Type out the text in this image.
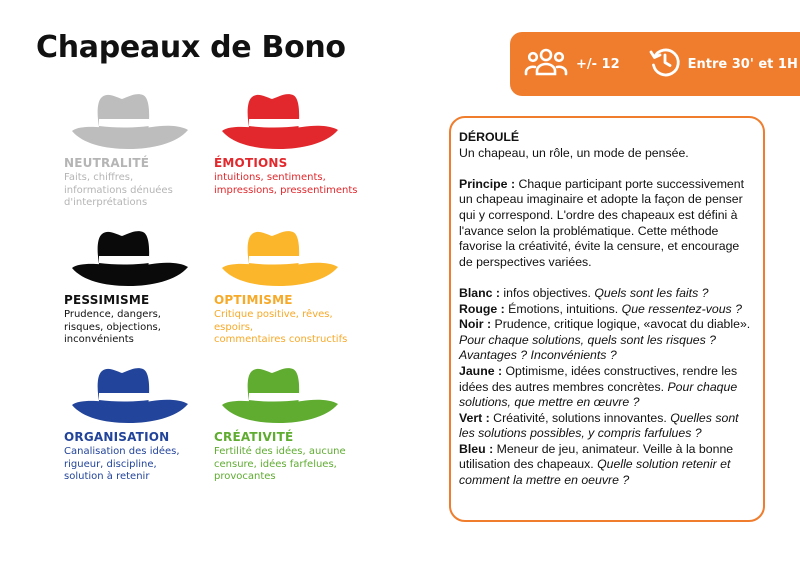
Chapeaux de Bono	+/- 12	Entre 30' et 1H
NEUTRALITÉ
Faits, chiffres,
informations dénuées
d'interprétations
ÉMOTIONS
intuitions, sentiments,
impressions, pressentiments
PESSIMISME
Prudence, dangers,
risques, objections,
inconvénients
OPTIMISME
Critique positive, rêves, espoirs,
commentaires constructifs
ORGANISATION
Canalisation des idées,
rigueur, discipline,
solution à retenir
CRÉATIVITÉ
Fertilité des idées, aucune
censure, idées farfelues,
provocantes

DÉROULÉ

Un chapeau, un rôle, un mode de pensée.

Principe : Chaque participant porte successivement un chapeau imaginaire et adopte la façon de penser qui y correspond. L'ordre des chapeaux est défini à l'avance selon la problématique. Cette méthode favorise la créativité, évite la censure, et encourage de perspectives variées.

Blanc : infos objectives. Quels sont les faits ?

Rouge : Émotions, intuitions. Que ressentez-vous ?

Noir : Prudence, critique logique, «avocat du diable». Pour chaque solutions, quels sont les risques ? Avantages ? Inconvénients ?

Jaune : Optimisme, idées constructives, rendre les idées des autres membres concrètes. Pour chaque solutions, que mettre en œuvre ?

Vert : Créativité, solutions innovantes. Quelles sont les solutions possibles, y compris farfulues ?

Bleu : Meneur de jeu, animateur. Veille à la bonne utilisation des chapeaux. Quelle solution retenir et comment la mettre en oeuvre ?
